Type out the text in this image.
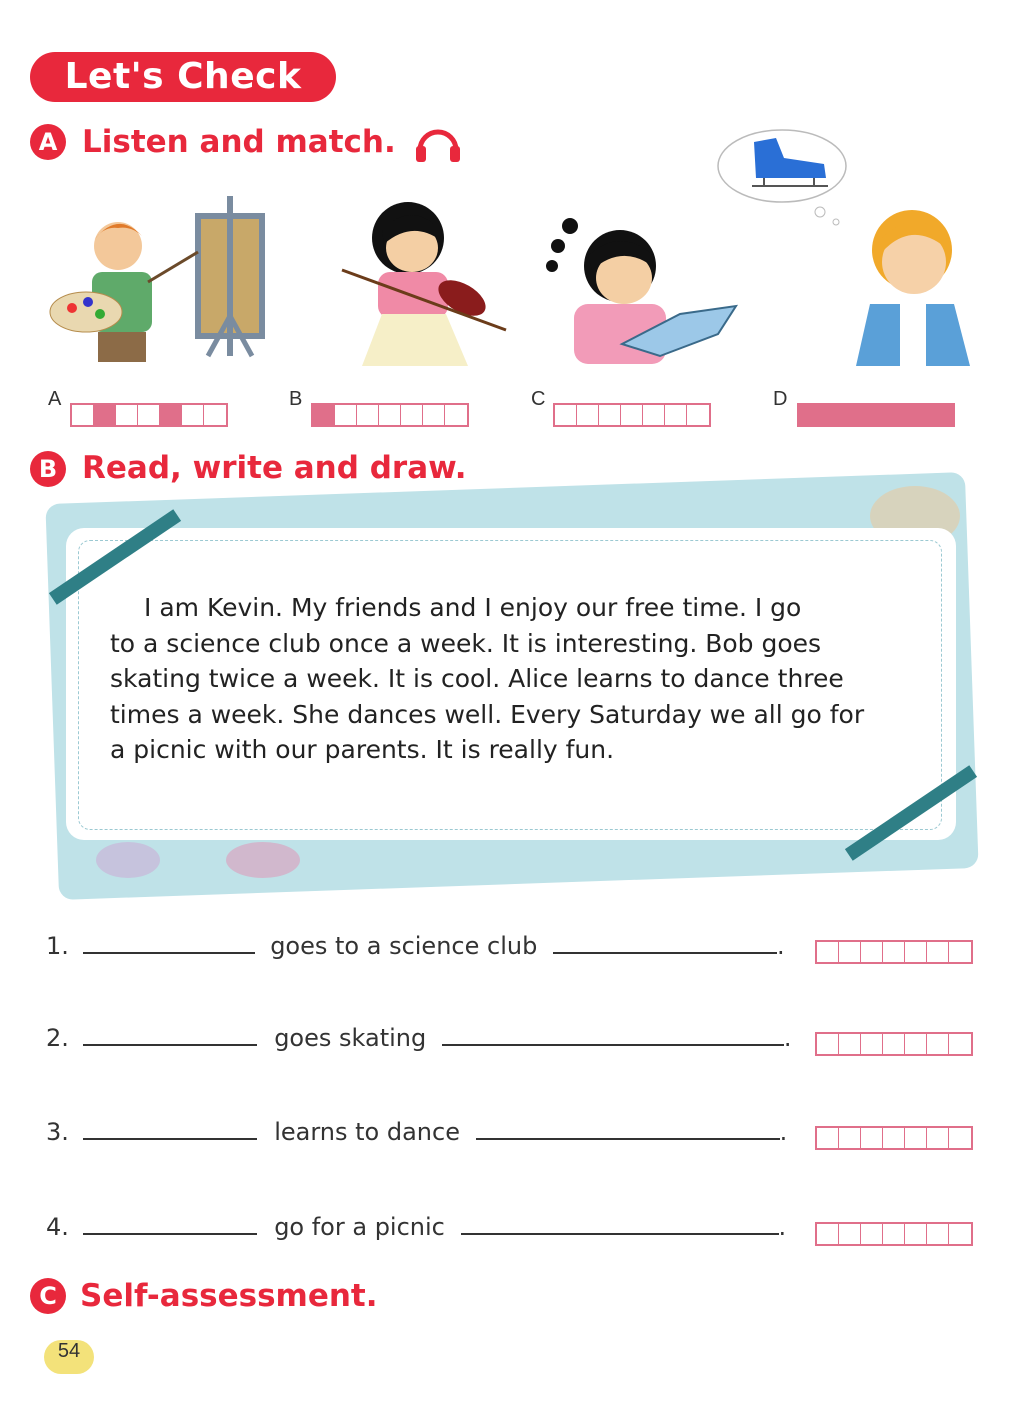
Let's Check
A Listen and match.
A	B	C	D
B Read, write and draw.
I am Kevin. My friends and I enjoy our free time. I go
to a science club once a week. It is interesting. Bob goes
skating twice a week. It is cool. Alice learns to dance three
times a week. She dances well. Every Saturday we all go for
a picnic with our parents. It is really fun.
1.	goes to a science club	.
2.	goes skating	.
3.	learns to dance	.
4.	go for a picnic	.
C Self-assessment.
54
